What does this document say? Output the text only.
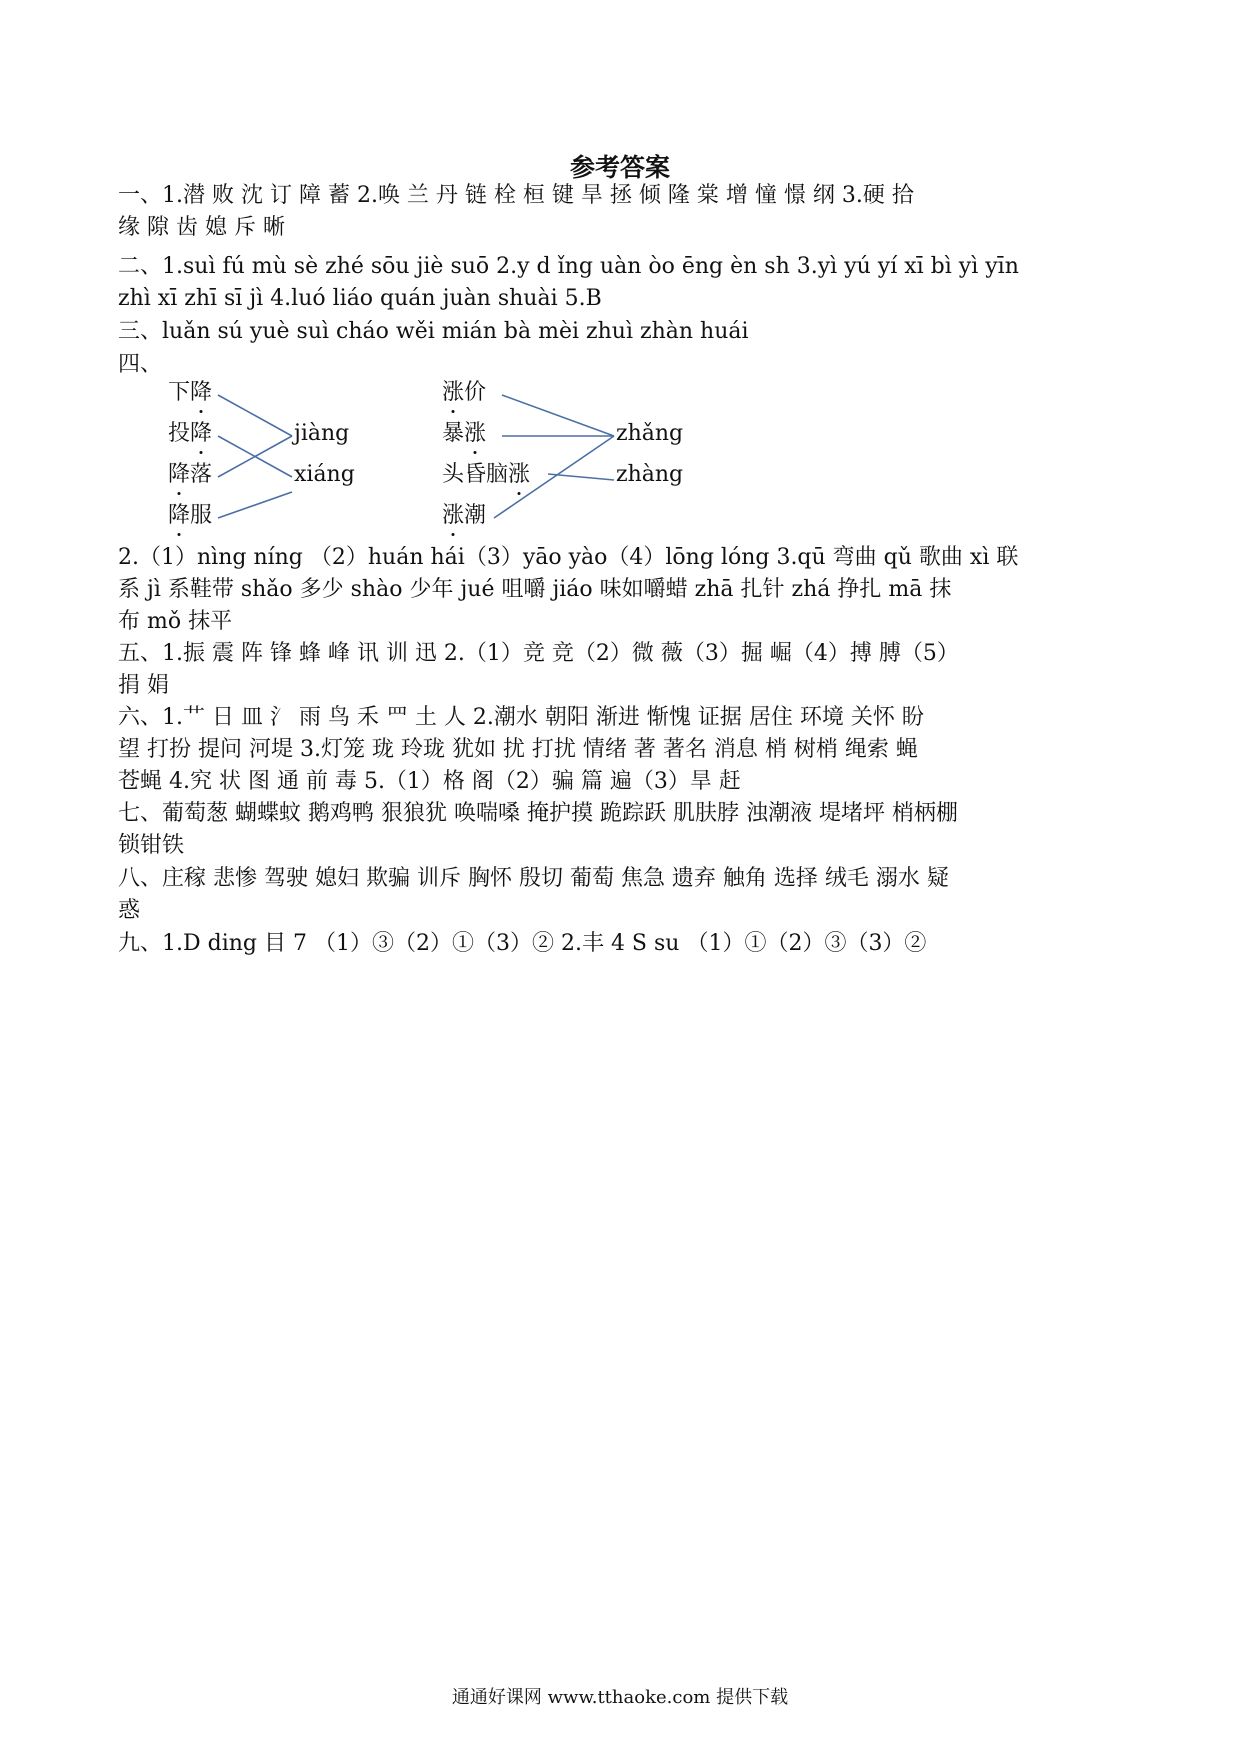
参考答案
一、1.潜 败 沈 订 障 蓄 2.唤 兰 丹 链 栓 桓 键 旱 拯 倾 隆 棠 增 憧 憬 纲 3.硬 拾
缘 隙 齿 媳 斥 晰
二、1.suì fú mù sè zhé sōu jiè suō 2.y d ǐng uàn òo ēng èn sh 3.yì yú yí xī bì yì yīn
zhì xī zhī sī jì 4.luó liáo quán juàn shuài 5.B
三、luǎn sú yuè suì cháo wěi mián bà mèi zhuì zhàn huái
四、
下降
投降
降落
降服
jiàng
xiáng
涨价
暴涨
头昏脑涨
涨潮
zhǎng
zhàng
2.（1）nìng níng （2）huán hái（3）yāo yào（4）lōng lóng 3.qū 弯曲 qǔ 歌曲 xì 联
系 jì 系鞋带 shǎo 多少 shào 少年 jué 咀嚼 jiáo 味如嚼蜡 zhā 扎针 zhá 挣扎 mā 抹
布 mǒ 抹平
五、1.振 震 阵 锋 蜂 峰 讯 训 迅 2.（1）竞 竞（2）微 薇（3）掘 崛（4）搏 膊（5）
捐 娟
六、1.艹 日 皿 氵 雨 鸟 禾 罒 土 人 2.潮水 朝阳 渐进 惭愧 证据 居住 环境 关怀 盼
望 打扮 提问 河堤 3.灯笼 珑 玲珑 犹如 扰 打扰 情绪 著 著名 消息 梢 树梢 绳索 蝇
苍蝇 4.究 状 图 通 前 毒 5.（1）格 阁（2）骗 篇 遍（3）旱 赶
七、葡萄葱 蝴蝶蚊 鹅鸡鸭 狠狼犹 唤喘嗓 掩护摸 跪踪跃 肌肤脖 浊潮液 堤堵坪 梢柄棚
锁钳铁
八、庄稼 悲惨 驾驶 媳妇 欺骗 训斥 胸怀 殷切 葡萄 焦急 遗弃 触角 选择 绒毛 溺水 疑
惑
九、1.D ding 目 7 （1）③（2）①（3）② 2.丰 4 S su （1）①（2）③（3）②
通通好课网 www.tthaoke.com 提供下载
